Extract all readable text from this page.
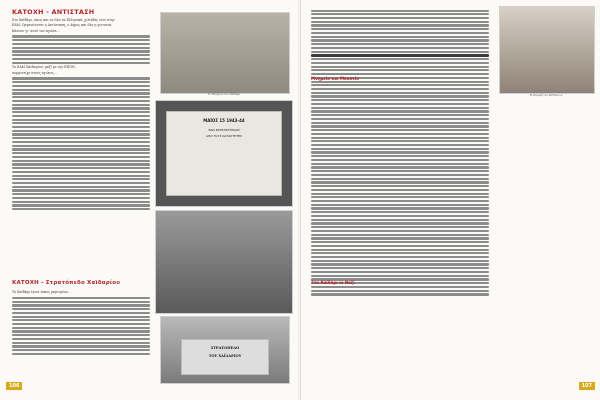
ΚΑΤΟΧΗ - ΑΝΤΙΣΤΑΣΗ
Στο Χαϊδάρι, όπως και σε όλα τα Ελληνικά, χιλιάδες νέοι στην
ΕΑΜ. Οργανώνεται η Αντίσταση, ο Δήμος και όλη η γειτονιά.
Κάνουν γι' αυτό τον αγώνα...
Το ΕΑΜ Χαϊδαρίου, μαζί με την ΕΠΟΝ,
συμμετείχε στους αγώνες...
ΚΑΤΟΧΗ - Στρατόπεδο Χαϊδαρίου
Το Χαϊδάρι έγινε τόπος μαρτυρίου...
Το Μνημείο στο Χαϊδάρι
ΜΑΪΟΣ 15 1943-44
ΕΔΩ ΕΚΤΕΛΕΣΤΗΚΑΝ
ΑΠΟ ΤΟΥΣ ΚΑΤΑΚΤΗΤΕΣ
ΣΤΡΑΤΟΠΕΔΟ
ΤΟΥ ΧΑΪΔΑΡΙΟΥ
106
Μνημείο και Μουσείο
Στο Χαϊδάρι οι Ναζί
Η αδελφή του Χαϊδαρίου
107
